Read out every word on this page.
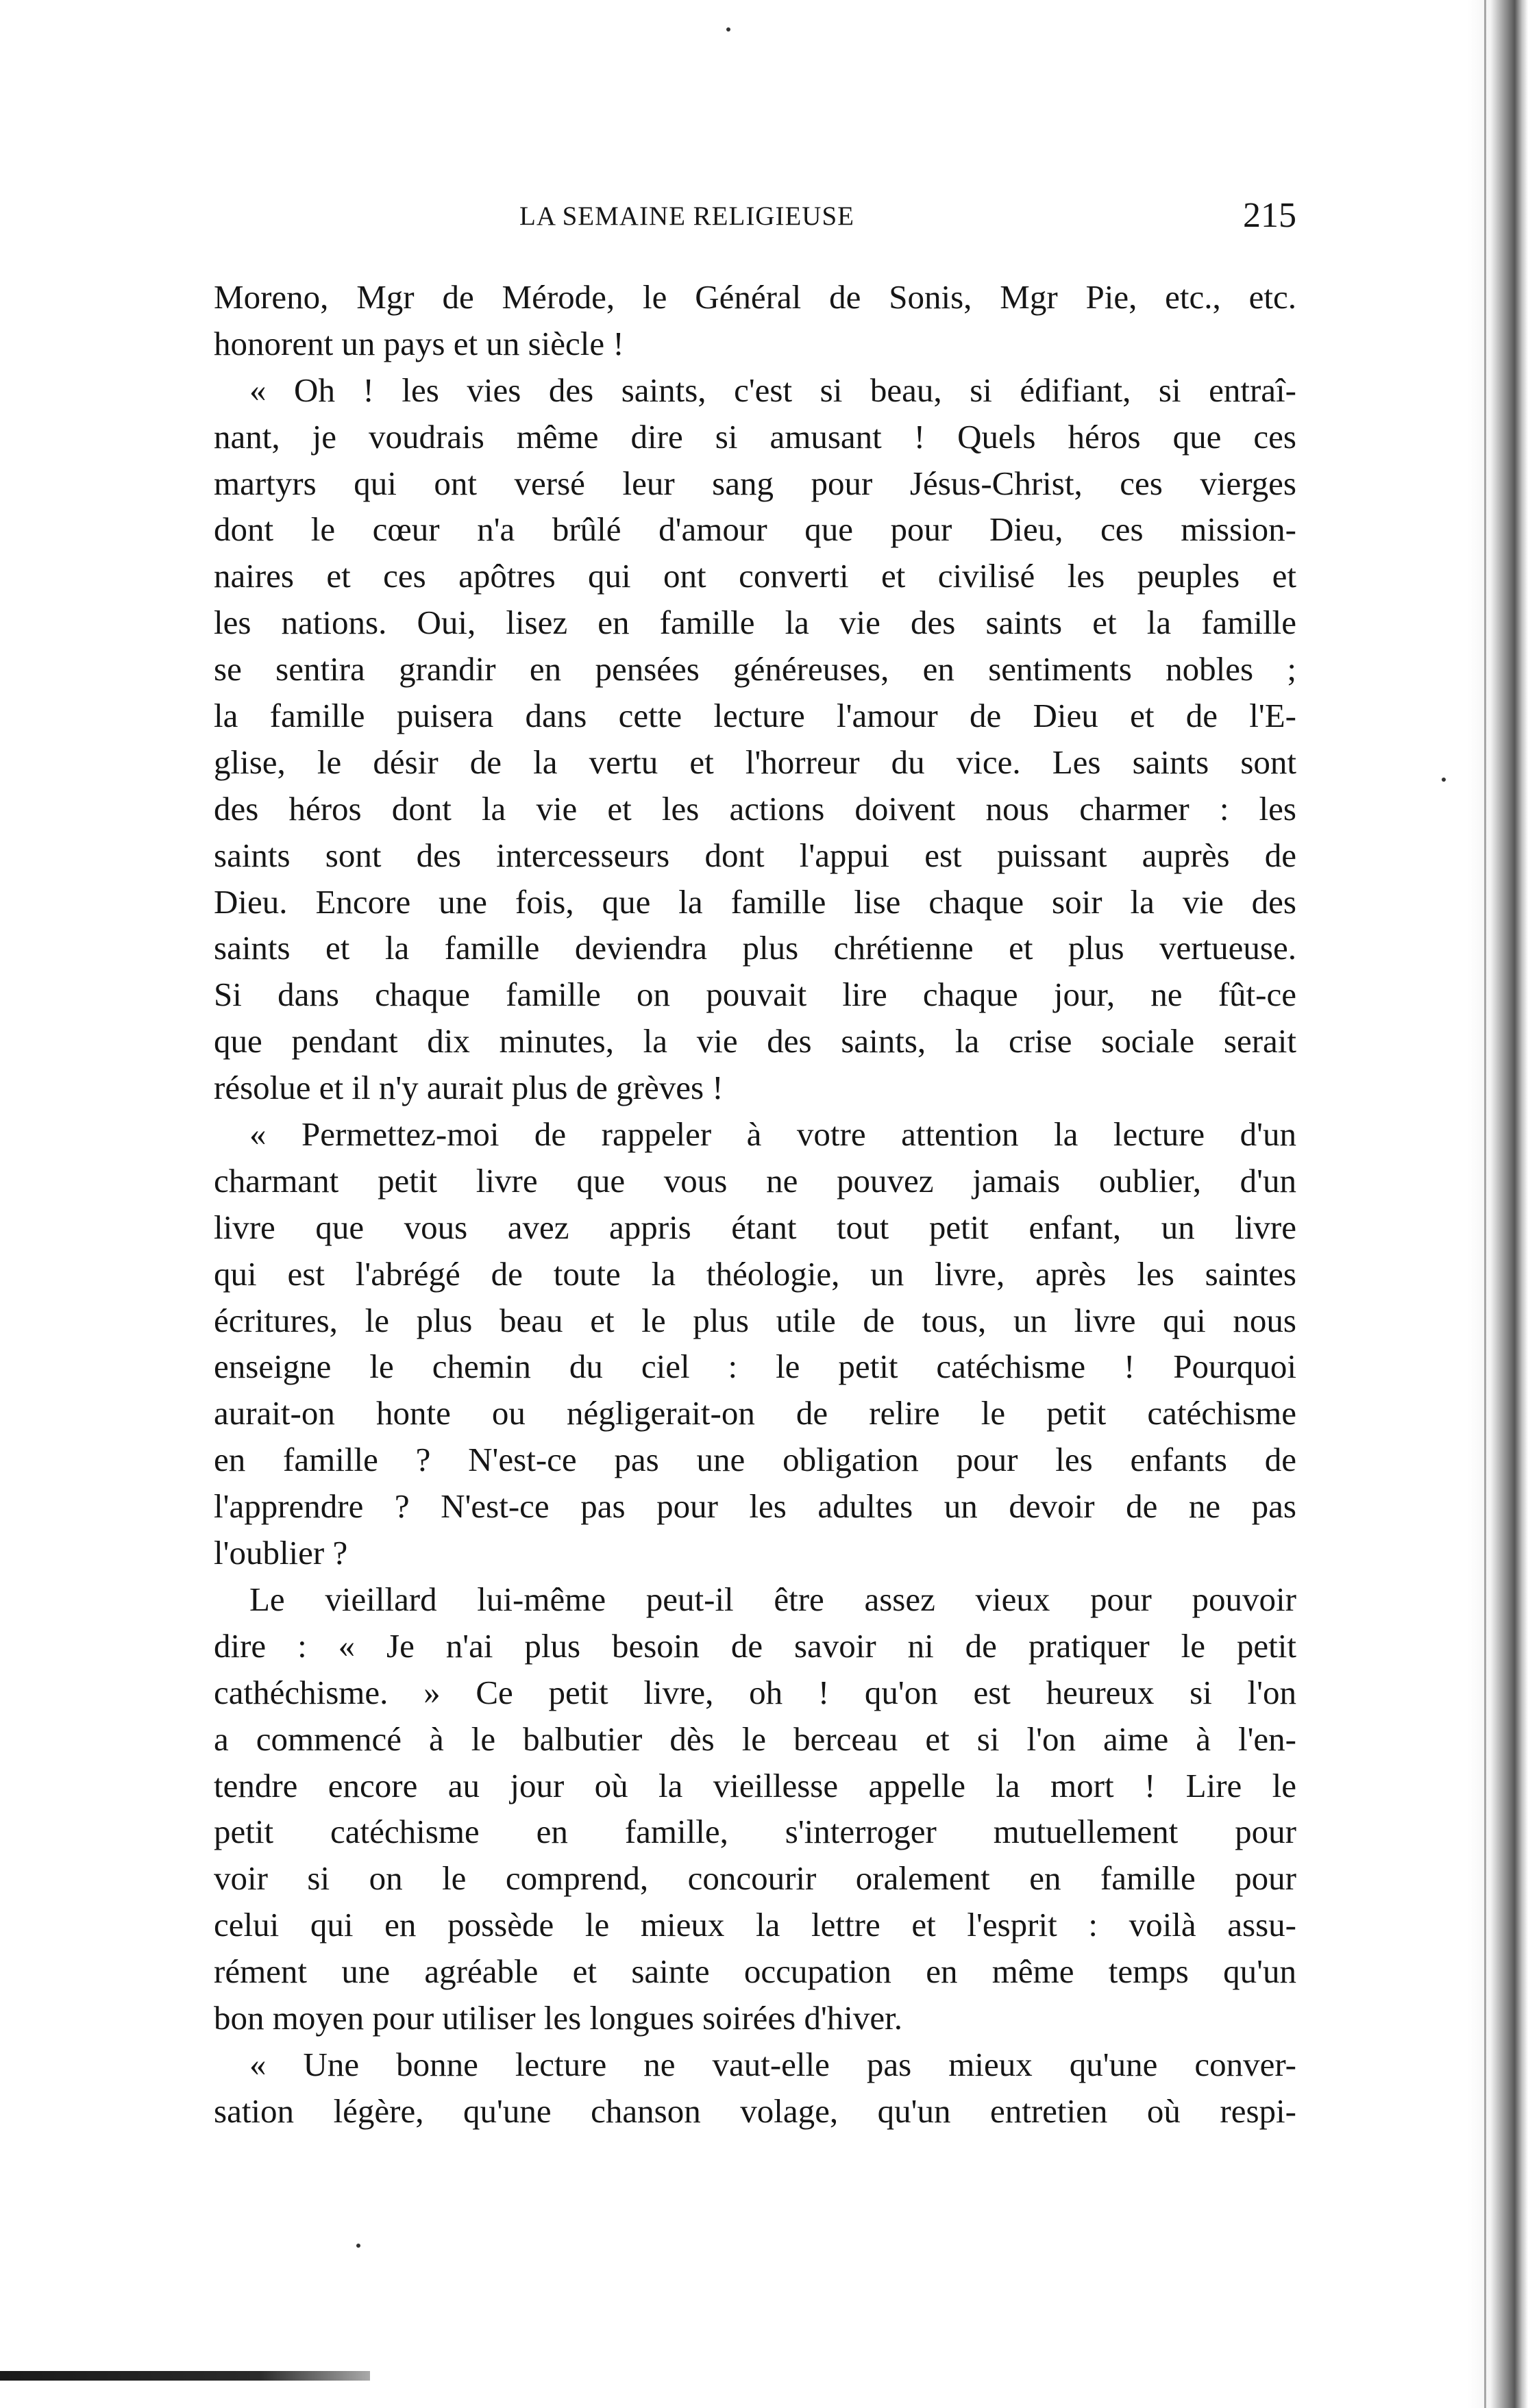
LA SEMAINE RELIGIEUSE	215
Moreno, Mgr de Mérode, le Général de Sonis, Mgr Pie, etc., etc.
honorent un pays et un siècle !
« Oh ! les vies des saints, c'est si beau, si édifiant, si entraî-
nant, je voudrais même dire si amusant ! Quels héros que ces
martyrs qui ont versé leur sang pour Jésus-Christ, ces vierges
dont le cœur n'a brûlé d'amour que pour Dieu, ces mission-
naires et ces apôtres qui ont converti et civilisé les peuples et
les nations. Oui, lisez en famille la vie des saints et la famille
se sentira grandir en pensées généreuses, en sentiments nobles ;
la famille puisera dans cette lecture l'amour de Dieu et de l'E-
glise, le désir de la vertu et l'horreur du vice. Les saints sont
des héros dont la vie et les actions doivent nous charmer : les
saints sont des intercesseurs dont l'appui est puissant auprès de
Dieu. Encore une fois, que la famille lise chaque soir la vie des
saints et la famille deviendra plus chrétienne et plus vertueuse.
Si dans chaque famille on pouvait lire chaque jour, ne fût-ce
que pendant dix minutes, la vie des saints, la crise sociale serait
résolue et il n'y aurait plus de grèves !
« Permettez-moi de rappeler à votre attention la lecture d'un
charmant petit livre que vous ne pouvez jamais oublier, d'un
livre que vous avez appris étant tout petit enfant, un livre
qui est l'abrégé de toute la théologie, un livre, après les saintes
écritures, le plus beau et le plus utile de tous, un livre qui nous
enseigne le chemin du ciel : le petit catéchisme ! Pourquoi
aurait-on honte ou négligerait-on de relire le petit catéchisme
en famille ? N'est-ce pas une obligation pour les enfants de
l'apprendre ? N'est-ce pas pour les adultes un devoir de ne pas
l'oublier ?
Le vieillard lui-même peut-il être assez vieux pour pouvoir
dire : « Je n'ai plus besoin de savoir ni de pratiquer le petit
cathéchisme. » Ce petit livre, oh ! qu'on est heureux si l'on
a commencé à le balbutier dès le berceau et si l'on aime à l'en-
tendre encore au jour où la vieillesse appelle la mort ! Lire le
petit catéchisme en famille, s'interroger mutuellement pour
voir si on le comprend, concourir oralement en famille pour
celui qui en possède le mieux la lettre et l'esprit : voilà assu-
rément une agréable et sainte occupation en même temps qu'un
bon moyen pour utiliser les longues soirées d'hiver.
« Une bonne lecture ne vaut-elle pas mieux qu'une conver-
sation légère, qu'une chanson volage, qu'un entretien où respi-
